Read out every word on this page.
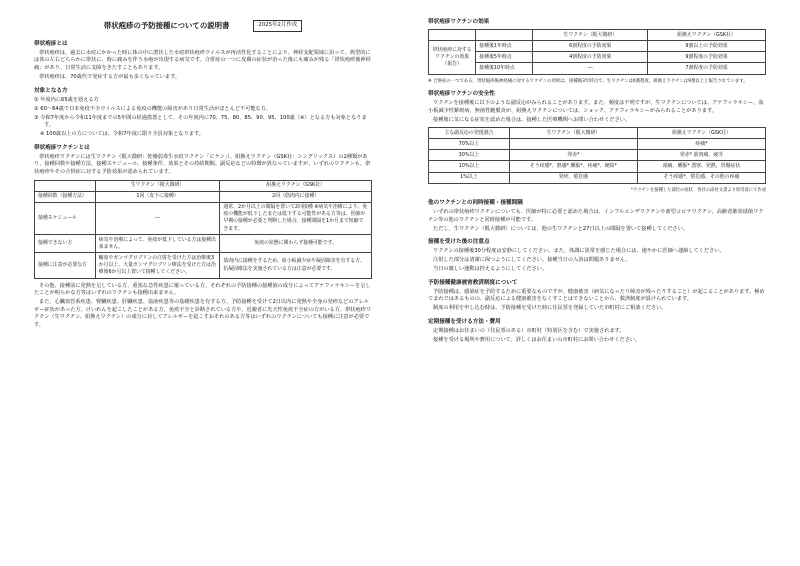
帯状疱疹の予防接種についての説明書	2025年2月作成
帯状疱疹とは

帯状疱疹は、過去に水痘にかかった時に体の中に潜伏した水痘帯状疱疹ウイルスが再活性化することにより、神経支配領域に沿って、典型的には体の左右どちらかに帯状に、時に痛みを伴う水疱が出現する病気です。合併症の一つに皮膚の症状が治った後にも痛みが残る「帯状疱疹後神経痛」があり、日常生活に支障をきたすこともあります。

帯状疱疹は、70歳代で発症する方が最も多くなっています。

対象となる方
① 年度内に65歳を迎える方
② 60～64歳で日本免疫不全ウイルスによる免疫の機能の障害があり日常生活がほとんど不可能な方。
③ 令和7年度から令和11年度までの5年間の経過措置として、その年度内に70、75、80、85、90、95、100歳（※）となる方も対象となります。
※ 100歳以上の方については、令和7年度に限り全員対象となります。
帯状疱疹ワクチンとは

帯状疱疹ワクチンには生ワクチン（阪大微研：乾燥弱毒生水痘ワクチン「ビケン」）、組換えワクチン（GSK社：シングリックス）の2種類があり、接種回数や接種方法、接種スケジュール、接種条件、効果とその持続期間、副反応などの特徴が異なっていますが、いずれのワクチンも、帯状疱疹やその合併症に対する予防効果が認められています。

	生ワクチン（阪大微研）	組換えワクチン（GSK社）
接種回数（接種方法）	1回（皮下に接種）	2回（筋肉内に接種）
接種スケジュール	―	通常、2か月以上の間隔を置いて2回接種 ※病気や治療により、免疫の機能が低下したまたは低下する可能性がある方等は、医師が早期の接種が必要と判断した場合、接種間隔を1か月まで短縮できます。
接種できない方	病気や治療によって、免疫が低下している方は接種出来ません。	免疫の状態に関わらず接種可能です。
接種に注意が必要な方	輸血やガンマグロブリンの注射を受けた方は治療後3か月以上、大量ガンマグロブリン療法を受けた方は治療後6か月以上置いて接種してください。	筋肉内に接種をするため、血小板減少症や凝固障害を有する方、抗凝固療法を実施されている方は注意が必要です。

その他、接種前に発熱を呈している方、重篤な急性疾患に罹っている方、それぞれの予防接種の接種液の成分によってアナフィラキシーを呈したことが明らかな方等はいずれのワクチンも接種出来ません。

また、心臓血管系疾患、腎臓疾患、肝臓疾患、血液疾患等の基礎疾患を有する方、予防接種を受けて2日以内に発熱や全身の発疹などのアレルギー症状があった方、けいれんを起こしたことがある方、免疫不全と診断されている方や、近親者に先天性免疫不全症の方がいる方、帯状疱疹ワクチン（生ワクチン、組換えワクチン）の成分に対してアレルギーを起こすおそれのある方等はいずれのワクチンについても接種に注意が必要です。

帯状疱疹ワクチンの効果
		生ワクチン（阪大微研）	組換えワクチン（GSK社）
帯状疱疹に対するワクチンの効果（報告）	接種後1年時点	6割程度の予防効果	9割以上の予防効果
	接種後5年時点	4割程度の予防効果	9割程度の予防効果
	接種後10年時点	―	7割程度の予防効果
※ 合併症の一つである、帯状疱疹後神経痛に対するワクチンの効果は、接種後3年時点で、生ワクチンは6割程度、組換えワクチンは9割以上と報告されています。
帯状疱疹ワクチンの安全性

ワクチンを接種後に以下のような副反応がみられることがあります。また、頻度は不明ですが、生ワクチンについては、アナフィラキシー、血小板減少性紫斑病、無菌性髄膜炎が、組換えワクチンについては、ショック、アナフィラキシーがみられることがあります。

接種後に気になる症状を認めた場合は、接種した医療機関へお問い合わせください。

主な副反応の発現割合	生ワクチン（阪大微研）	組換えワクチン（GSK社）
70%以上		疼痛*
30%以上	発赤*	発赤* 筋肉痛、疲労
10%以上	そう痒感*、熱感* 腫脹*、疼痛*、硬結*	頭痛、腫脹* 悪寒、発熱、胃腸症状
1%以上	発疹、倦怠感	そう痒感*、倦怠感、その他の疼痛
*ワクチンを接種した部位の症状　各社の添付文書より厚労省にて作成
他のワクチンとの同時接種・接種間隔

いずれの帯状疱疹ワクチンについても、医師が特に必要と認めた場合は、インフルエンザワクチンや新型コロナワクチン、高齢者肺炎球菌ワクチン等の他のワクチンと同時接種が可能です。

ただし、生ワクチン（阪大微研）については、他の生ワクチンと27日以上の間隔を置いて接種してください。

接種を受けた後の注意点

ワクチンの接種後30分程度は安静にしてください。また、体調に異常を感じた場合には、速やかに医師へ連絡してください。

注射した部分は清潔に保つようにしてください。接種当日の入浴は問題ありません。

当日の激しい運動は控えるようにしてください。

予防接種健康被害救済制度について

予防接種は、感染症を予防するために重要なものですが、健康被害（病気になったり障害が残ったりすること）が起こることがあります。極めてまれではあるものの、副反応による健康被害をなくすことはできないことから、救済制度が設けられています。

制度の利用を申し込む時は、予防接種を受けた時に住民票を登録していた市町村にご相談ください。

定期接種を受ける方法・費用

定期接種はお住まいの（住民票のある）市町村（特別区を含む）で実施されます。

接種を受ける場所や費用について、詳しくはお住まいの市町村にお問い合わせください。
